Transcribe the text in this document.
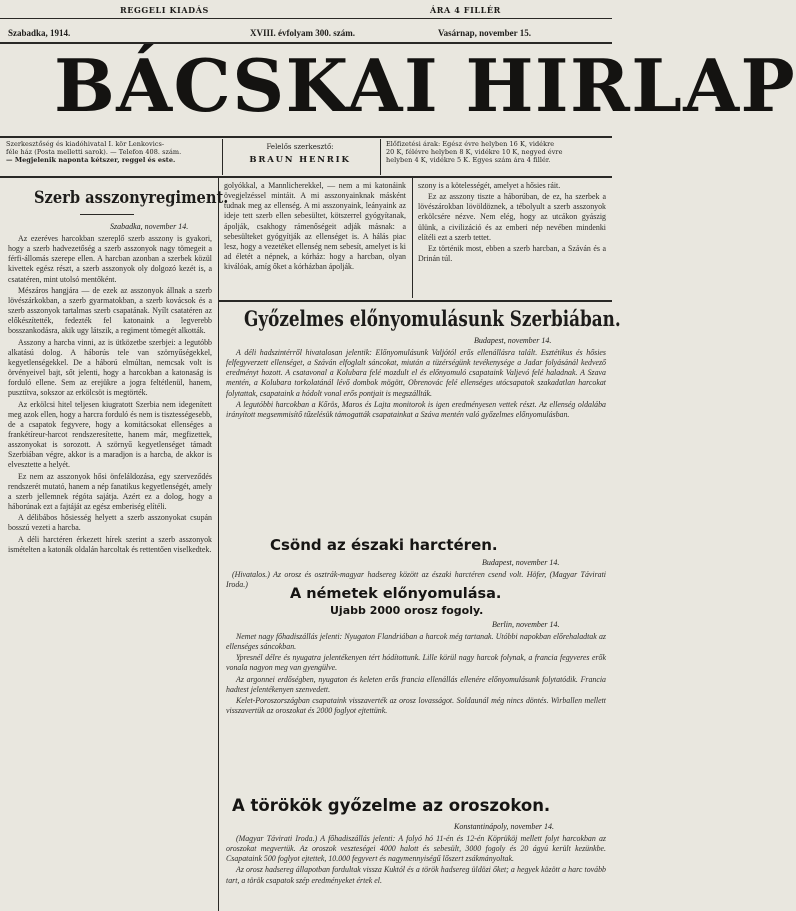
REGGELI KIADÁS	ÁRA 4 FILLÉR
Szabadka, 1914.	XVIII. évfolyam 300. szám.	Vasárnap, november 15.
BÁCSKAI HIRLAP
Szerkesztőség és kiadóhivatal I. kör Lenkovics-
féle ház (Posta melletti sarok). — Telefon 408. szám.
— Megjelenik naponta kétszer, reggel és este.
Felelős szerkesztő:
BRAUN HENRIK
Előfizetési árak: Egész évre helyben 16 K, vidékre
20 K, félévre helyben 8 K, vidékre 10 K, negyed évre
helyben 4 K, vidékre 5 K. Egyes szám ára 4 fillér.
Szerb asszonyregiment.
Szabadka, november 14.

Az ezeréves harcokban szereplő szerb asszony is gyakori, hogy a szerb hadvezetőség a szerb asszonyok nagy tömegeit a férfi-állomás szerepe ellen. A harcban azonban a szerbek közül kivettek egész részt, a szerb asszonyok oly dolgozó kezét is, a csatatéren, mint utolsó mentőként.

Mészáros hangjára — de ezek az asszonyok állnak a szerb lövészárkokban, a szerb gyarmatokban, a szerb kovácsok és a szerb asszonyok tartalmas szerb csapatának. Nyílt csatatéren az előkészítették, fedezték fel katonaink a legverebb bosszankodásra, akik ugy látszik, a regiment tömegét alkották.

Asszony a harcba vinni, az is ütközetbe szerbjei: a legutóbb alkatású dolog. A háborús tele van szörnyűségekkel, kegyetlenségekkel. De a háború elmúltan, nemcsak volt is örvényeivel bajt, sőt jelenti, hogy a harcokban a katonaság is forduló ellene. Sem az erejükre a jogra feltétlenül, hanem, pusztítva, sokszor az erkölcsöt is megtörték.

Az erkölcsi hitel teljesen kiugratott Szerbia nem idegenített meg azok ellen, hogy a harcra forduló és nem is tisztességesebb, de a csapatok fegyvere, hogy a komitácsokat ellenséges a frankétíreur-harcot rendszeresítette, hanem már, megfizettek, asszonyokat is sorozott. A szörnyű kegyetlenséget támadt Szerbiában végre, akkor is a maradjon is a harcba, de akkor is elvesztette a helyét.

Ez nem az asszonyok hősi önfeláldozása, egy szerveződés rendszerét mutató, hanem a nép fanatikus kegyetlenségét, amely a szerb jellemnek régóta sajátja. Azért ez a dolog, hogy a háborúnak ezt a fajtáját az egész emberiség elítéli.

A délibábos hősiesség helyett a szerb asszonyokat csupán bosszú vezeti a harcba.

A déli harctéren érkezett hírek szerint a szerb asszonyok ismételten a katonák oldalán harcoltak és rettentően viselkedtek.

golyókkal, a Mannlicherekkel, — nem a mi katonáink övegjelzéssel mintáit. A mi asszonyainknak másként tudnak meg az ellenség. A mi asszonyaink, leányaink az ideje tett szerb ellen sebesültet, kötszerrel gyógyítanak, ápolják, csakhogy rámenőségeit adják másnak: a sebesülteket gyógyítják az ellenséget is. A hálás piac lesz, hogy a vezetéket ellenség nem sebesít, amelyet is ki ad életét a népnek, a kórház: hogy a harcban, olyan kiválóak, amíg őket a kórházban ápolják.

szony is a kötelességét, amelyet a hősies ráit.

Ez az asszony tiszte a háborúban, de ez, ha szerbek a lövészárokban lövöldöznek, a tébolyult a szerb asszonyok erkölcsére nézve. Nem elég, hogy az utcákon gyászig ülünk, a civilizáció és az emberi nép nevében mindenki elítéli ezt a szerb tettet.

Ez történik most, ebben a szerb harcban, a Száván és a Drinán túl.

Győzelmes előnyomulásunk Szerbiában.
Budapest, november 14.

A déli hadszintérről hivatalosan jelentik: Előnyomulásunk Valjótól erős ellenállásra talált. Esztétikus és hősies felfegyverzett ellenséget, a Száván elfoglalt sáncokat, miután a tüzérségünk tevékenysége a Jadar folyásánál kedvező eredményt hozott. A csatavonal a Kolubara felé mozdult el és előnyomuló csapataink Valjevó felé haladnak. A Szava mentén, a Kolubara torkolatánál lévő dombok mögött, Obrenovác felé ellenséges utócsapatok szakadatlan harcokat folytattak, csapataink a hódolt vonal erős pontjait is megszállták.

A legutóbbi harcokban a Kőrös, Maros és Lajta monitorok is igen eredményesen vettek részt. Az ellenség oldalába irányított megsemmisítő tűzelésük támogatták csapatainkat a Száva mentén való győzelmes előnyomulásban.

Csönd az északi harctéren.
Budapest, november 14.

(Hivatalos.) Az orosz és osztrák-magyar hadsereg között az északi harctéren csend volt. Höfer, (Magyar Távirati Iroda.)

A németek előnyomulása.
Ujabb 2000 orosz fogoly.
Berlin, november 14.

Nemet nagy főhadiszállás jelenti: Nyugaton Flandriában a harcok még tartanak. Utóbbi napokban előrehaladtak az ellenséges sáncokban.

Ypresnél délre és nyugatra jelentékenyen tért hódítottunk. Lille körül nagy harcok folynak, a francia fegyveres erők vonala nagyon meg van gyengülve.

Az argonnei erdőségben, nyugaton és keleten erős francia ellenállás ellenére előnyomulásunk folytatódik. Francia hadtest jelentékenyen szenvedett.

Kelet-Poroszországban csapataink visszaverték az orosz lovasságot. Soldaunál még nincs döntés. Wirballen mellett visszavertük az oroszokat és 2000 foglyot ejtettünk.

A törökök győzelme az oroszokon.
Konstantinápoly, november 14.

(Magyar Távirati Iroda.) A főhadiszállás jelenti: A folyó hó 11-én és 12-én Köprüköj mellett folyt harcokban az oroszokat megvertük. Az oroszok veszteségei 4000 halott és sebesült, 3000 fogoly és 20 ágyú került kezünkbe. Csapataink 500 foglyot ejtettek, 10.000 fegyvert és nagymennyiségű lőszert zsákmányoltak.

Az orosz hadsereg állapotban fordultak vissza Kuktól és a török hadsereg üldözi őket; a hegyek között a harc tovább tart, a török csapatok szép eredményeket értek el.
